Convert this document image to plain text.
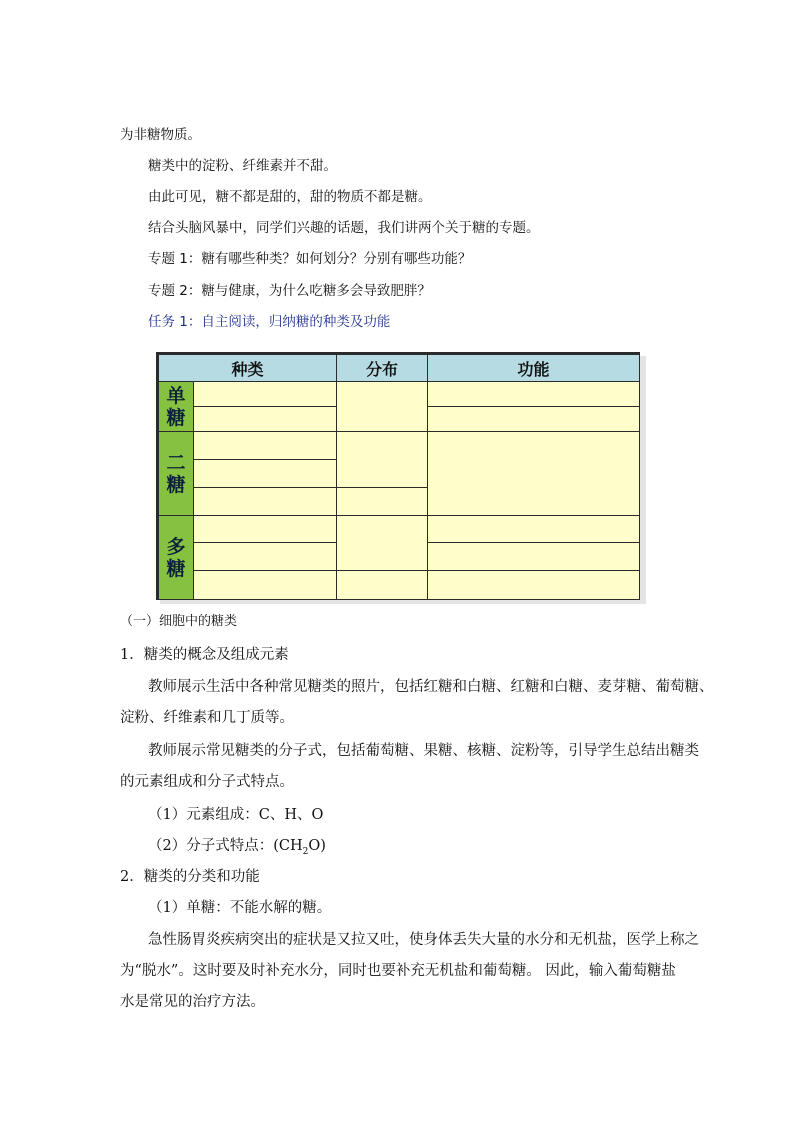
为非糖物质。
糖类中的淀粉、纤维素并不甜。
由此可见，糖不都是甜的，甜的物质不都是糖。
结合头脑风暴中，同学们兴趣的话题，我们讲两个关于糖的专题。
专题 1：糖有哪些种类？如何划分？分别有哪些功能？
专题 2：糖与健康，为什么吃糖多会导致肥胖？
任务 1：自主阅读，归纳糖的种类及功能
种类	分布	功能
单
糖
二
糖
多
糖
（一）细胞中的糖类
1．糖类的概念及组成元素
教师展示生活中各种常见糖类的照片，包括红糖和白糖、红糖和白糖、麦芽糖、葡萄糖、
淀粉、纤维素和几丁质等。
教师展示常见糖类的分子式，包括葡萄糖、果糖、核糖、淀粉等，引导学生总结出糖类
的元素组成和分子式特点。
（1）元素组成：C、H、O
（2）分子式特点：$(CH_2O)$
2．糖类的分类和功能
（1）单糖：不能水解的糖。
急性肠胃炎疾病突出的症状是又拉又吐，使身体丢失大量的水分和无机盐，医学上称之
为“脱水”。这时要及时补充水分，同时也要补充无机盐和葡萄糖。 因此，输入葡萄糖盐
水是常见的治疗方法。
